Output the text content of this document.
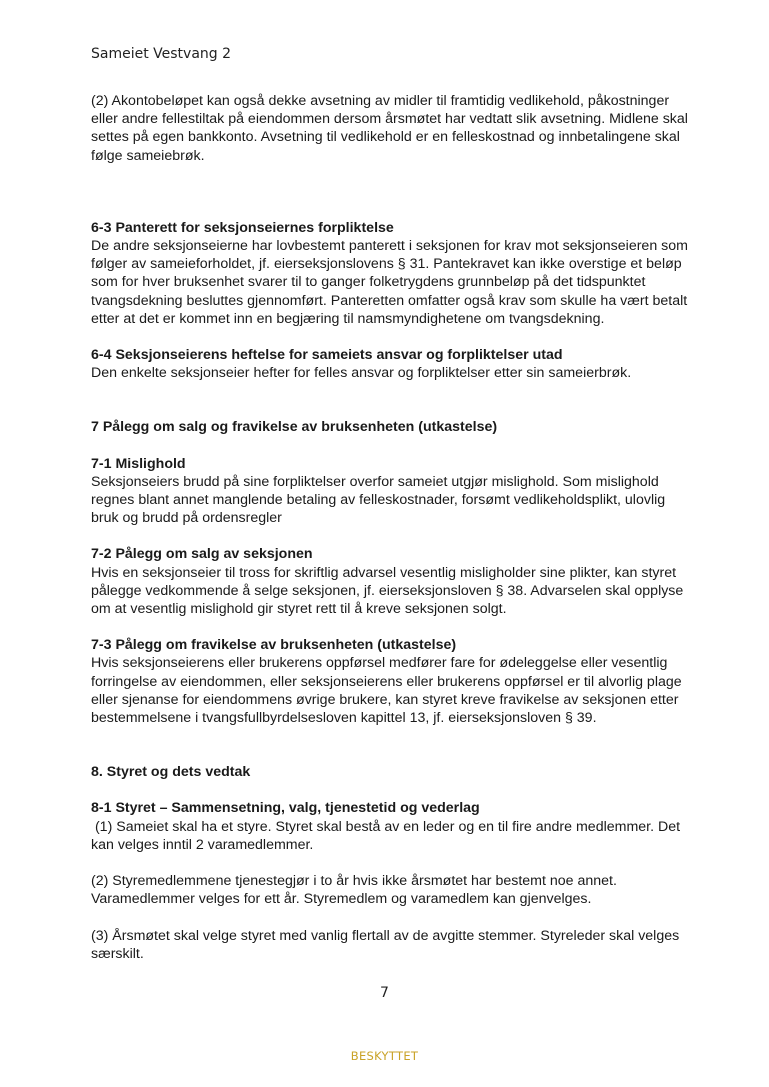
Sameiet Vestvang 2

(2) Akontobeløpet kan også dekke avsetning av midler til framtidig vedlikehold, påkostninger eller andre fellestiltak på eiendommen dersom årsmøtet har vedtatt slik avsetning. Midlene skal settes på egen bankkonto. Avsetning til vedlikehold er en felleskostnad og innbetalingene skal følge sameiebrøk.

6-3 Panterett for seksjonseiernes forpliktelse

De andre seksjonseierne har lovbestemt panterett i seksjonen for krav mot seksjonseieren som følger av sameieforholdet, jf. eierseksjonslovens § 31. Pantekravet kan ikke overstige et beløp som for hver bruksenhet svarer til to ganger folketrygdens grunnbeløp på det tidspunktet tvangsdekning besluttes gjennomført. Panteretten omfatter også krav som skulle ha vært betalt etter at det er kommet inn en begjæring til namsmyndighetene om tvangsdekning.

6-4 Seksjonseierens heftelse for sameiets ansvar og forpliktelser utad

Den enkelte seksjonseier hefter for felles ansvar og forpliktelser etter sin sameierbrøk.

7 Pålegg om salg og fravikelse av bruksenheten (utkastelse)
7-1 Mislighold

Seksjonseiers brudd på sine forpliktelser overfor sameiet utgjør mislighold. Som mislighold regnes blant annet manglende betaling av felleskostnader, forsømt vedlikeholdsplikt, ulovlig bruk og brudd på ordensregler

7-2 Pålegg om salg av seksjonen

Hvis en seksjonseier til tross for skriftlig advarsel vesentlig misligholder sine plikter, kan styret pålegge vedkommende å selge seksjonen, jf. eierseksjonsloven § 38. Advarselen skal opplyse om at vesentlig mislighold gir styret rett til å kreve seksjonen solgt.

7-3 Pålegg om fravikelse av bruksenheten (utkastelse)

Hvis seksjonseierens eller brukerens oppførsel medfører fare for ødeleggelse eller vesentlig forringelse av eiendommen, eller seksjonseierens eller brukerens oppførsel er til alvorlig plage eller sjenanse for eiendommens øvrige brukere, kan styret kreve fravikelse av seksjonen etter bestemmelsene i tvangsfullbyrdelsesloven kapittel 13, jf. eierseksjonsloven § 39.

8. Styret og dets vedtak
8-1 Styret – Sammensetning, valg, tjenestetid og vederlag

(1) Sameiet skal ha et styre. Styret skal bestå av en leder og en til fire andre medlemmer. Det kan velges inntil 2 varamedlemmer.

(2) Styremedlemmene tjenestegjør i to år hvis ikke årsmøtet har bestemt noe annet. Varamedlemmer velges for ett år. Styremedlem og varamedlem kan gjenvelges.

(3) Årsmøtet skal velge styret med vanlig flertall av de avgitte stemmer. Styreleder skal velges særskilt.

7
BESKYTTET
